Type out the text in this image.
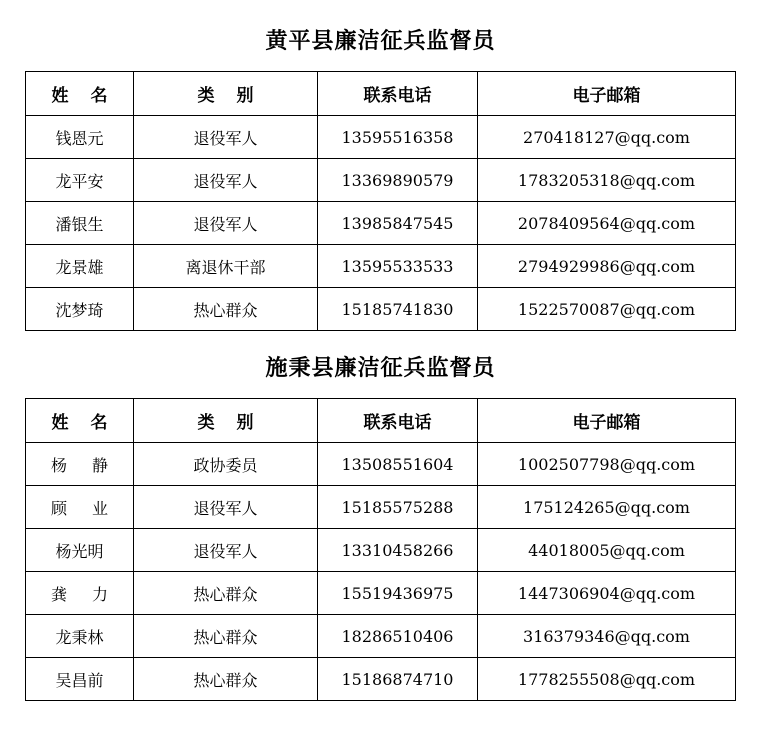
黄平县廉洁征兵监督员
姓 名	类 别	联系电话	电子邮箱
钱恩元	退役军人	13595516358	270418127@qq.com
龙平安	退役军人	13369890579	1783205318@qq.com
潘银生	退役军人	13985847545	2078409564@qq.com
龙景雄	离退休干部	13595533533	2794929986@qq.com
沈梦琦	热心群众	15185741830	1522570087@qq.com
施秉县廉洁征兵监督员
姓 名	类 别	联系电话	电子邮箱
杨 静	政协委员	13508551604	1002507798@qq.com
顾 业	退役军人	15185575288	175124265@qq.com
杨光明	退役军人	13310458266	44018005@qq.com
龚 力	热心群众	15519436975	1447306904@qq.com
龙秉林	热心群众	18286510406	316379346@qq.com
吴昌前	热心群众	15186874710	1778255508@qq.com
